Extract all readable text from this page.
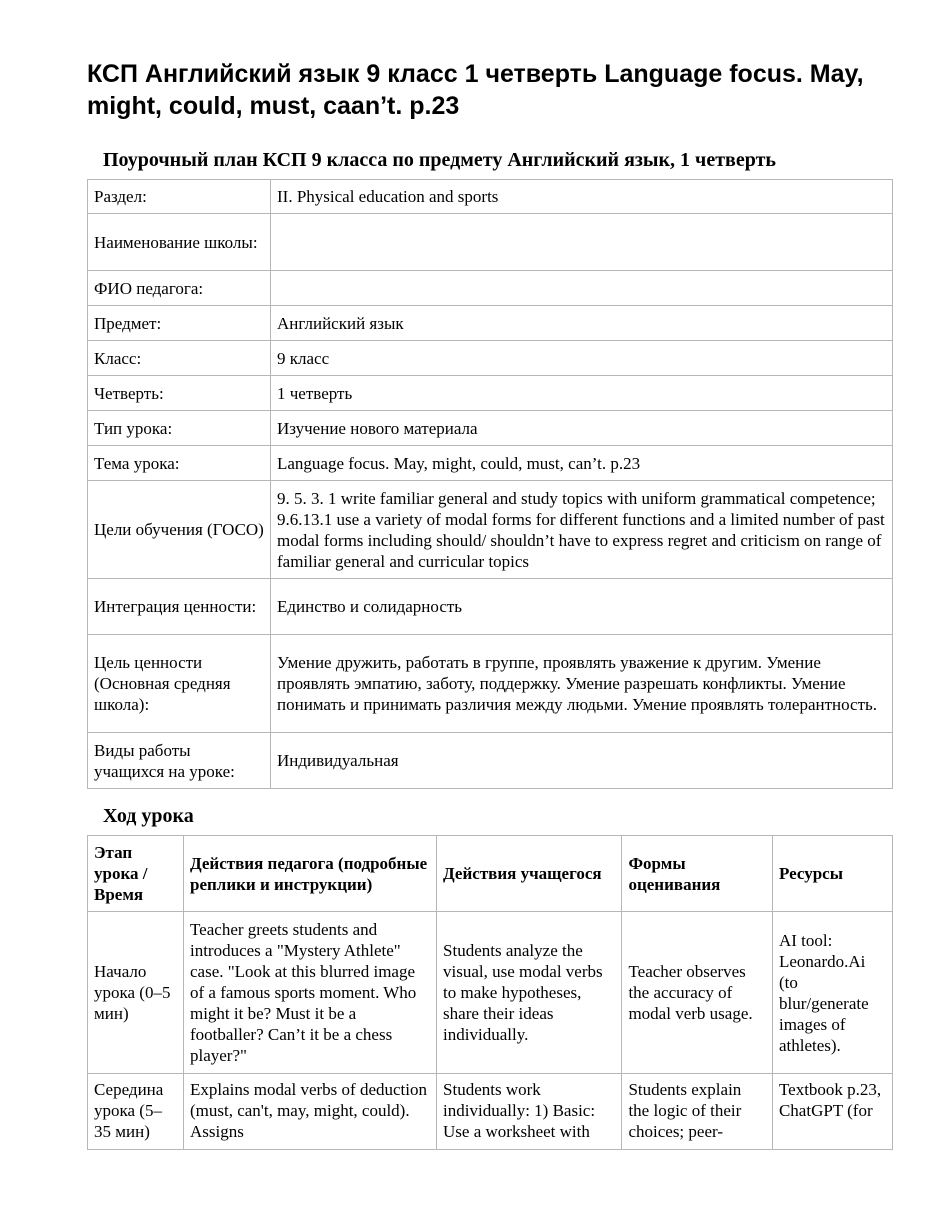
КСП Английский язык 9 класс 1 четверть Language focus. May, might, could, must, caan’t. p.23
Поурочный план КСП 9 класса по предмету Английский язык, 1 четверть
Раздел:	II. Physical education and sports
Наименование школы:	
ФИО педагога:	
Предмет:	Английский язык
Класс:	9 класс
Четверть:	1 четверть
Тип урока:	Изучение нового материала
Тема урока:	Language focus. May, might, could, must, can’t. p.23
Цели обучения (ГОСО)	9. 5. 3. 1 write familiar general and study topics with uniform grammatical competence; 9.6.13.1 use a variety of modal forms for different functions and a limited number of past modal forms including should/ shouldn’t have to express regret and criticism on range of familiar general and curricular topics
Интеграция ценности:	Единство и солидарность
Цель ценности (Основная средняя школа):	Умение дружить, работать в группе, проявлять уважение к другим. Умение проявлять эмпатию, заботу, поддержку. Умение разрешать конфликты. Умение понимать и принимать различия между людьми. Умение проявлять толерантность.
Виды работы учащихся на уроке:	Индивидуальная
Ход урока
Этап урока / Время	Действия педагога (подробные реплики и инструкции)	Действия учащегося	Формы оценивания	Ресурсы
Начало урока (0–5 мин)	Teacher greets students and introduces a "Mystery Athlete" case. "Look at this blurred image of a famous sports moment. Who might it be? Must it be a footballer? Can’t it be a chess player?"	Students analyze the visual, use modal verbs to make hypotheses, share their ideas individually.	Teacher observes the accuracy of modal verb usage.	AI tool: Leonardo.Ai (to blur/generate images of athletes).
Середина урока (5–35 мин)	Explains modal verbs of deduction (must, can't, may, might, could). Assigns	Students work individually: 1) Basic: Use a worksheet with	Students explain the logic of their choices; peer-	Textbook p.23, ChatGPT (for
